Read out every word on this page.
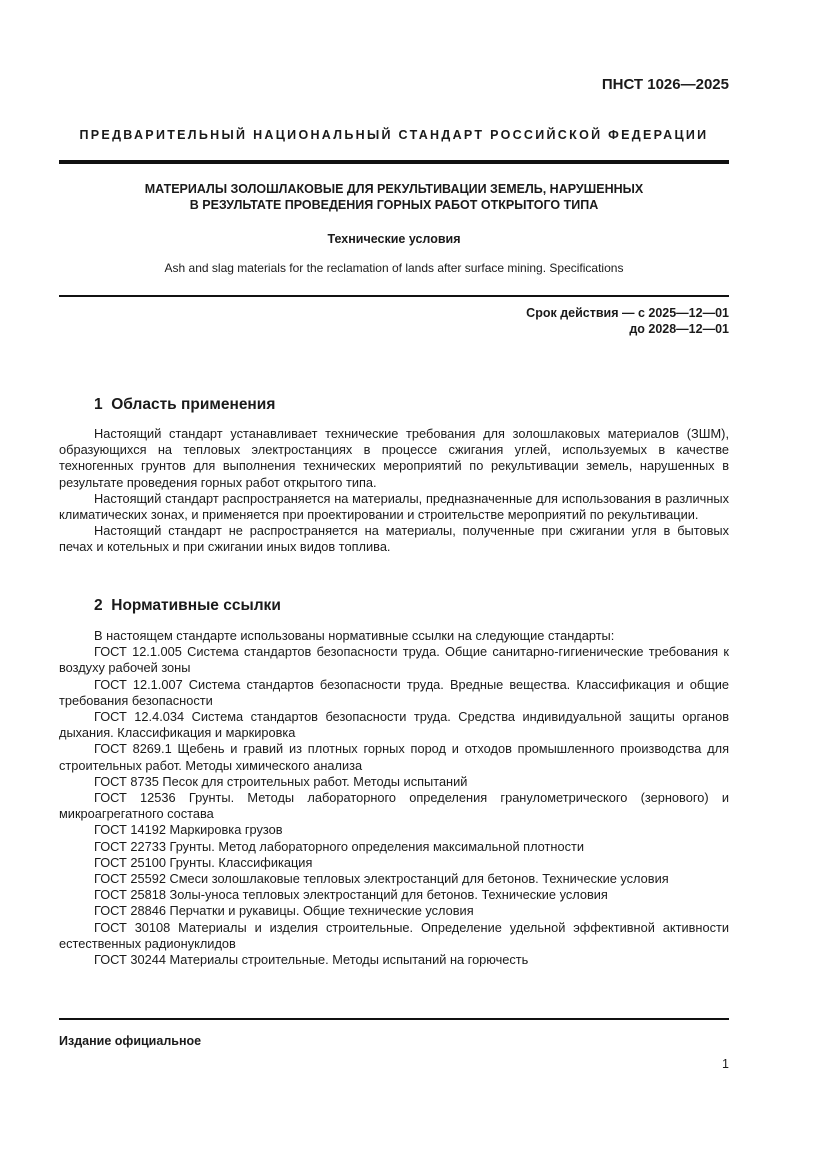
ПНСТ 1026—2025
ПРЕДВАРИТЕЛЬНЫЙ НАЦИОНАЛЬНЫЙ СТАНДАРТ РОССИЙСКОЙ ФЕДЕРАЦИИ
МАТЕРИАЛЫ ЗОЛОШЛАКОВЫЕ ДЛЯ РЕКУЛЬТИВАЦИИ ЗЕМЕЛЬ, НАРУШЕННЫХ
В РЕЗУЛЬТАТЕ ПРОВЕДЕНИЯ ГОРНЫХ РАБОТ ОТКРЫТОГО ТИПА
Технические условия
Ash and slag materials for the reclamation of lands after surface mining. Specifications
Срок действия — с 2025—12—01
до 2028—12—01
1 Область применения

Настоящий стандарт устанавливает технические требования для золошлаковых материалов (ЗШМ), образующихся на тепловых электростанциях в процессе сжигания углей, используемых в качестве техногенных грунтов для выполнения технических мероприятий по рекультивации земель, нарушенных в результате проведения горных работ открытого типа.

Настоящий стандарт распространяется на материалы, предназначенные для использования в различных климатических зонах, и применяется при проектировании и строительстве мероприятий по рекультивации.

Настоящий стандарт не распространяется на материалы, полученные при сжигании угля в бытовых печах и котельных и при сжигании иных видов топлива.

2 Нормативные ссылки

В настоящем стандарте использованы нормативные ссылки на следующие стандарты:

ГОСТ 12.1.005 Система стандартов безопасности труда. Общие санитарно-гигиенические требования к воздуху рабочей зоны

ГОСТ 12.1.007 Система стандартов безопасности труда. Вредные вещества. Классификация и общие требования безопасности

ГОСТ 12.4.034 Система стандартов безопасности труда. Средства индивидуальной защиты органов дыхания. Классификация и маркировка

ГОСТ 8269.1 Щебень и гравий из плотных горных пород и отходов промышленного производства для строительных работ. Методы химического анализа

ГОСТ 8735 Песок для строительных работ. Методы испытаний

ГОСТ 12536 Грунты. Методы лабораторного определения гранулометрического (зернового) и микроагрегатного состава

ГОСТ 14192 Маркировка грузов

ГОСТ 22733 Грунты. Метод лабораторного определения максимальной плотности

ГОСТ 25100 Грунты. Классификация

ГОСТ 25592 Смеси золошлаковые тепловых электростанций для бетонов. Технические условия

ГОСТ 25818 Золы-уноса тепловых электростанций для бетонов. Технические условия

ГОСТ 28846 Перчатки и рукавицы. Общие технические условия

ГОСТ 30108 Материалы и изделия строительные. Определение удельной эффективной активности естественных радионуклидов

ГОСТ 30244 Материалы строительные. Методы испытаний на горючесть

Издание официальное
1
